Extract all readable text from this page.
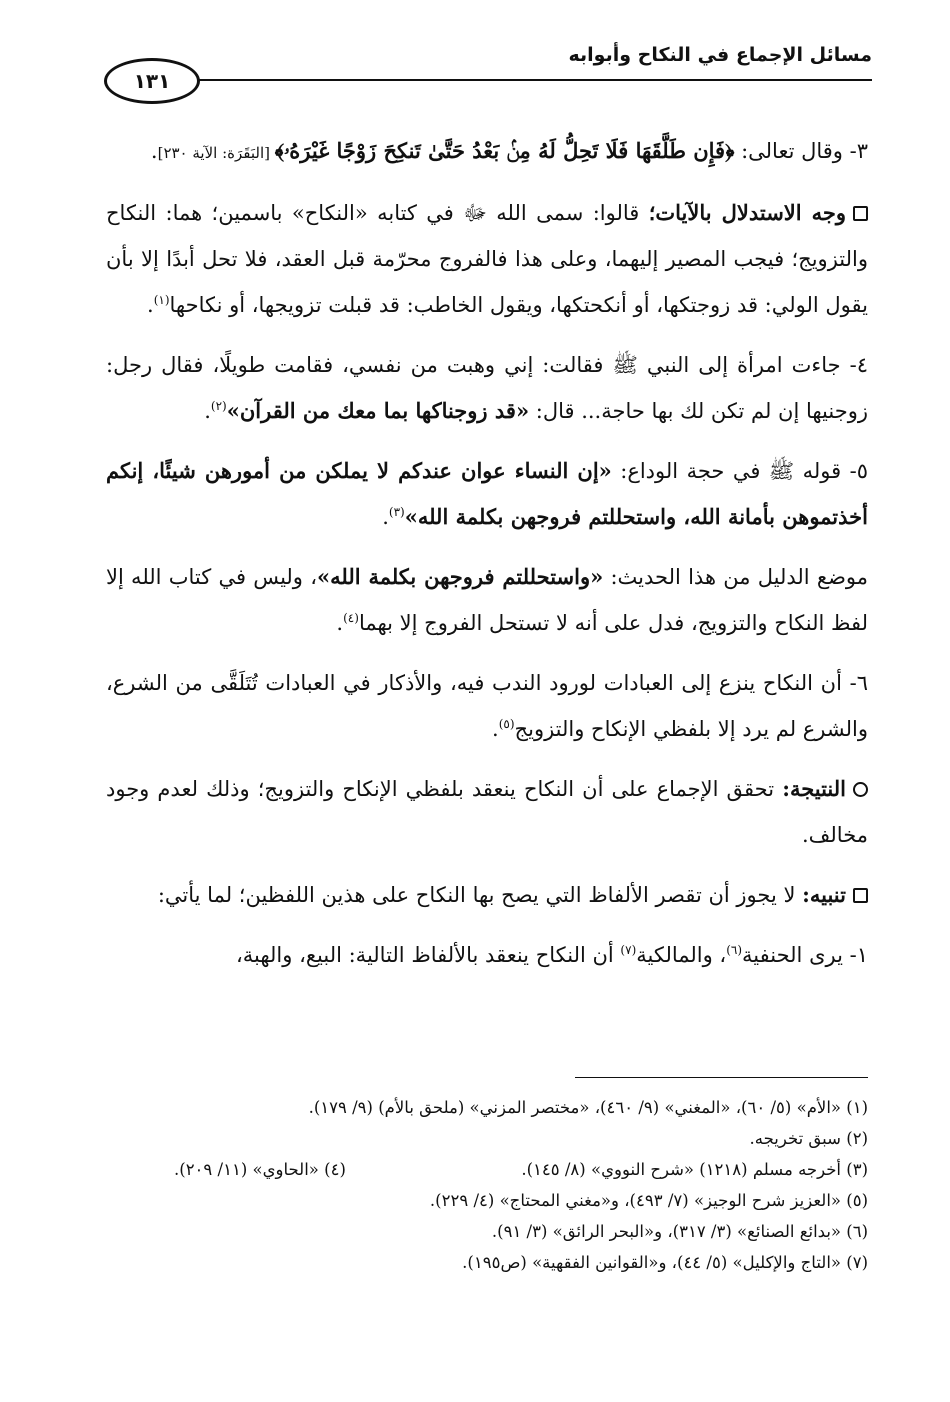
مسائل الإجماع في النكاح وأبوابه
١٣١

٣- وقال تعالى: ﴿فَإِن طَلَّقَهَا فَلَا تَحِلُّ لَهُ مِنۢ بَعْدُ حَتَّىٰ تَنكِحَ زَوْجًا غَيْرَهُۥ﴾ [البَقَرَة: الآية ٢٣٠].

وجه الاستدلال بالآيات؛ قالوا: سمى الله ﷻ في كتابه «النكاح» باسمين؛ هما: النكاح والتزويج؛ فيجب المصير إليهما، وعلى هذا فالفروج محرّمة قبل العقد، فلا تحل أبدًا إلا بأن يقول الولي: قد زوجتكها، أو أنكحتكها، ويقول الخاطب: قد قبلت تزويجها، أو نكاحها$^{(١)}$.

٤- جاءت امرأة إلى النبي ﷺ فقالت: إني وهبت من نفسي، فقامت طويلًا، فقال رجل: زوجنيها إن لم تكن لك بها حاجة... قال: «قد زوجناكها بما معك من القرآن»$^{(٢)}$.

٥- قوله ﷺ في حجة الوداع: «إن النساء عوان عندكم لا يملكن من أمورهن شيئًا، إنكم أخذتموهن بأمانة الله، واستحللتم فروجهن بكلمة الله»$^{(٣)}$.

موضع الدليل من هذا الحديث: «واستحللتم فروجهن بكلمة الله»، وليس في كتاب الله إلا لفظ النكاح والتزويج، فدل على أنه لا تستحل الفروج إلا بهما$^{(٤)}$.

٦- أن النكاح ينزع إلى العبادات لورود الندب فيه، والأذكار في العبادات تُتَلَقَّى من الشرع، والشرع لم يرد إلا بلفظي الإنكاح والتزويج$^{(٥)}$.

النتيجة: تحقق الإجماع على أن النكاح ينعقد بلفظي الإنكاح والتزويج؛ وذلك لعدم وجود مخالف.

تنبيه: لا يجوز أن تقصر الألفاظ التي يصح بها النكاح على هذين اللفظين؛ لما يأتي:

١- يرى الحنفية$^{(٦)}$، والمالكية$^{(٧)}$ أن النكاح ينعقد بالألفاظ التالية: البيع، والهبة،

(١) «الأم» (٥/ ٦٠)، «المغني» (٩/ ٤٦٠)، «مختصر المزني» (ملحق بالأم) (٩/ ١٧٩).
(٢) سبق تخريجه.
(٣) أخرجه مسلم (١٢١٨) «شرح النووي» (٨/ ١٤٥).
(٤) «الحاوي» (١١/ ٢٠٩).
(٥) «العزيز شرح الوجيز» (٧/ ٤٩٣)، و«مغني المحتاج» (٤/ ٢٢٩).
(٦) «بدائع الصنائع» (٣/ ٣١٧)، و«البحر الرائق» (٣/ ٩١).
(٧) «التاج والإكليل» (٥/ ٤٤)، و«القوانين الفقهية» (ص١٩٥).
